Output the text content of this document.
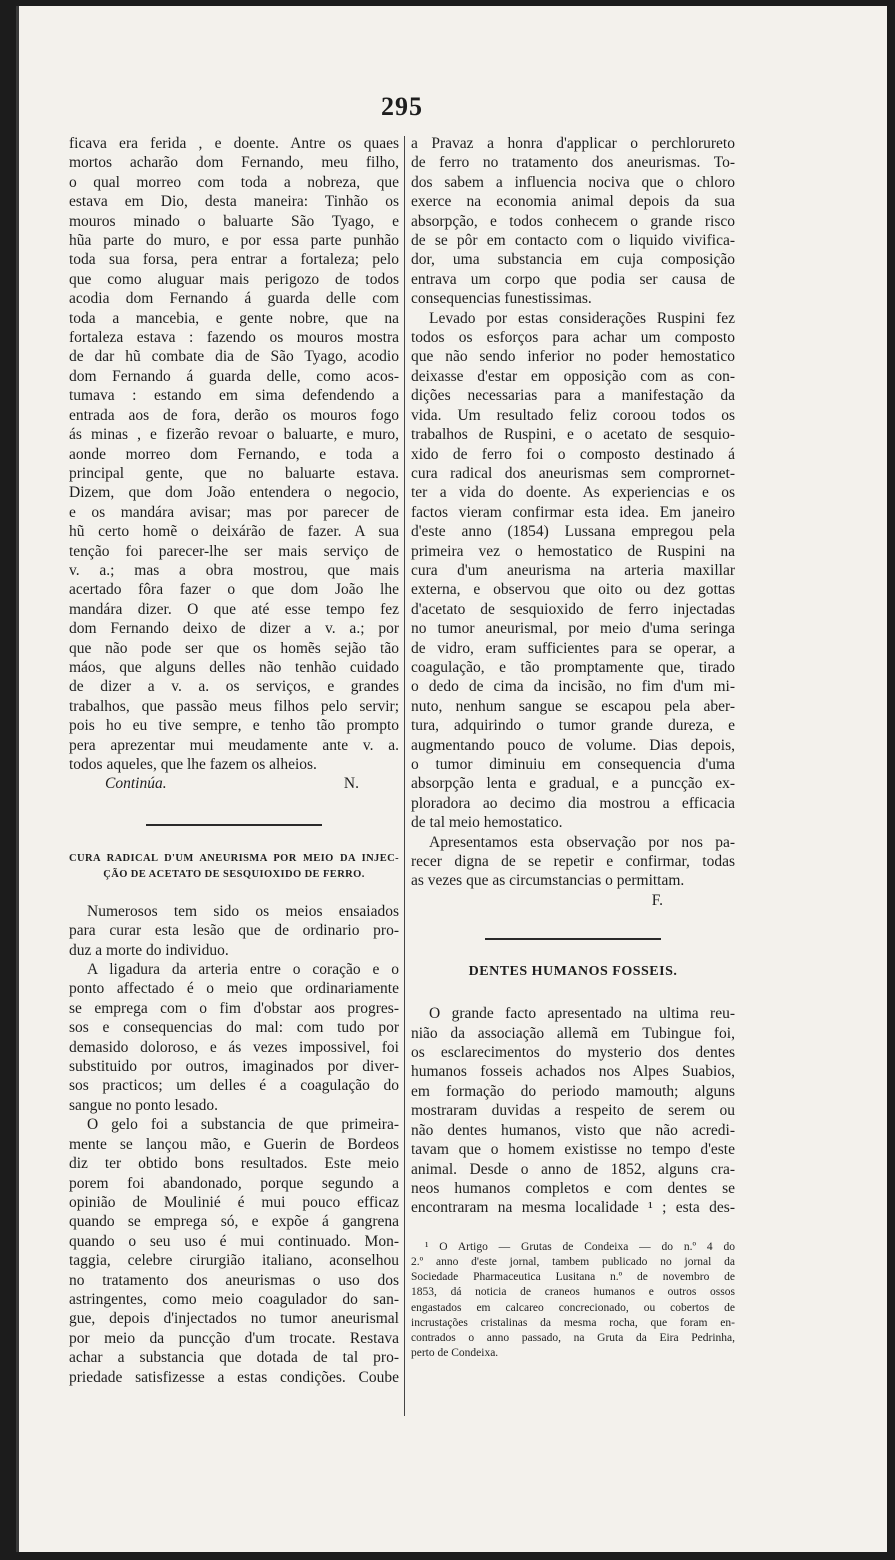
295
ficava era ferida , e doente. Antre os quaes
mortos acharão dom Fernando, meu filho,
o qual morreo com toda a nobreza, que
estava em Dio, desta maneira: Tinhão os
mouros minado o baluarte São Tyago, e
hũa parte do muro, e por essa parte punhão
toda sua forsa, pera entrar a fortaleza; pelo
que como aluguar mais perigozo de todos
acodia dom Fernando á guarda delle com
toda a mancebia, e gente nobre, que na
fortaleza estava : fazendo os mouros mostra
de dar hũ combate dia de São Tyago, acodio
dom Fernando á guarda delle, como acos-
tumava : estando em sima defendendo a
entrada aos de fora, derão os mouros fogo
ás minas , e fizerão revoar o baluarte, e muro,
aonde morreo dom Fernando, e toda a
principal gente, que no baluarte estava.
Dizem, que dom João entendera o negocio,
e os mandára avisar; mas por parecer de
hũ certo homẽ o deixárão de fazer. A sua
tenção foi parecer-lhe ser mais serviço de
v. a.; mas a obra mostrou, que mais
acertado fôra fazer o que dom João lhe
mandára dizer. O que até esse tempo fez
dom Fernando deixo de dizer a v. a.; por
que não pode ser que os homẽs sejão tão
máos, que alguns delles não tenhão cuidado
de dizer a v. a. os serviços, e grandes
trabalhos, que passão meus filhos pelo servir;
pois ho eu tive sempre, e tenho tão prompto
pera aprezentar mui meudamente ante v. a.
todos aqueles, que lhe fazem os alheios.
Continúa.	N.
CURA RADICAL D'UM ANEURISMA POR MEIO DA INJEC-
ÇÃO DE ACETATO DE SESQUIOXIDO DE FERRO.
Numerosos tem sido os meios ensaiados
para curar esta lesão que de ordinario pro-
duz a morte do individuo.
A ligadura da arteria entre o coração e o
ponto affectado é o meio que ordinariamente
se emprega com o fim d'obstar aos progres-
sos e consequencias do mal: com tudo por
demasido doloroso, e ás vezes impossivel, foi
substituido por outros, imaginados por diver-
sos practicos; um delles é a coagulação do
sangue no ponto lesado.
O gelo foi a substancia de que primeira-
mente se lançou mão, e Guerin de Bordeos
diz ter obtido bons resultados. Este meio
porem foi abandonado, porque segundo a
opinião de Moulinié é mui pouco efficaz
quando se emprega só, e expõe á gangrena
quando o seu uso é mui continuado. Mon-
taggia, celebre cirurgião italiano, aconselhou
no tratamento dos aneurismas o uso dos
astringentes, como meio coagulador do san-
gue, depois d'injectados no tumor aneurismal
por meio da puncção d'um trocate. Restava
achar a substancia que dotada de tal pro-
priedade satisfizesse a estas condições. Coube
a Pravaz a honra d'applicar o perchlorureto
de ferro no tratamento dos aneurismas. To-
dos sabem a influencia nociva que o chloro
exerce na economia animal depois da sua
absorpção, e todos conhecem o grande risco
de se pôr em contacto com o liquido vivifica-
dor, uma substancia em cuja composição
entrava um corpo que podia ser causa de
consequencias funestissimas.
Levado por estas considerações Ruspini fez
todos os esforços para achar um composto
que não sendo inferior no poder hemostatico
deixasse d'estar em opposição com as con-
dições necessarias para a manifestação da
vida. Um resultado feliz coroou todos os
trabalhos de Ruspini, e o acetato de sesquio-
xido de ferro foi o composto destinado á
cura radical dos aneurismas sem comprornet-
ter a vida do doente. As experiencias e os
factos vieram confirmar esta idea. Em janeiro
d'este anno (1854) Lussana empregou pela
primeira vez o hemostatico de Ruspini na
cura d'um aneurisma na arteria maxillar
externa, e observou que oito ou dez gottas
d'acetato de sesquioxido de ferro injectadas
no tumor aneurismal, por meio d'uma seringa
de vidro, eram sufficientes para se operar, a
coagulação, e tão promptamente que, tirado
o dedo de cima da incisão, no fim d'um mi-
nuto, nenhum sangue se escapou pela aber-
tura, adquirindo o tumor grande dureza, e
augmentando pouco de volume. Dias depois,
o tumor diminuiu em consequencia d'uma
absorpção lenta e gradual, e a puncção ex-
ploradora ao decimo dia mostrou a efficacia
de tal meio hemostatico.
Apresentamos esta observação por nos pa-
recer digna de se repetir e confirmar, todas
as vezes que as circumstancias o permittam.
F.
DENTES HUMANOS FOSSEIS.
O grande facto apresentado na ultima reu-
nião da associação allemã em Tubingue foi,
os esclarecimentos do mysterio dos dentes
humanos fosseis achados nos Alpes Suabios,
em formação do periodo mamouth; alguns
mostraram duvidas a respeito de serem ou
não dentes humanos, visto que não acredi-
tavam que o homem existisse no tempo d'este
animal. Desde o anno de 1852, alguns cra-
neos humanos completos e com dentes se
encontraram na mesma localidade ¹ ; esta des-
¹ O Artigo — Grutas de Condeixa — do n.º 4 do
2.º anno d'este jornal, tambem publicado no jornal da
Sociedade Pharmaceutica Lusitana n.º de novembro de
1853, dá noticia de craneos humanos e outros ossos
engastados em calcareo concrecionado, ou cobertos de
incrustações cristalinas da mesma rocha, que foram en-
contrados o anno passado, na Gruta da Eira Pedrinha,
perto de Condeixa.
